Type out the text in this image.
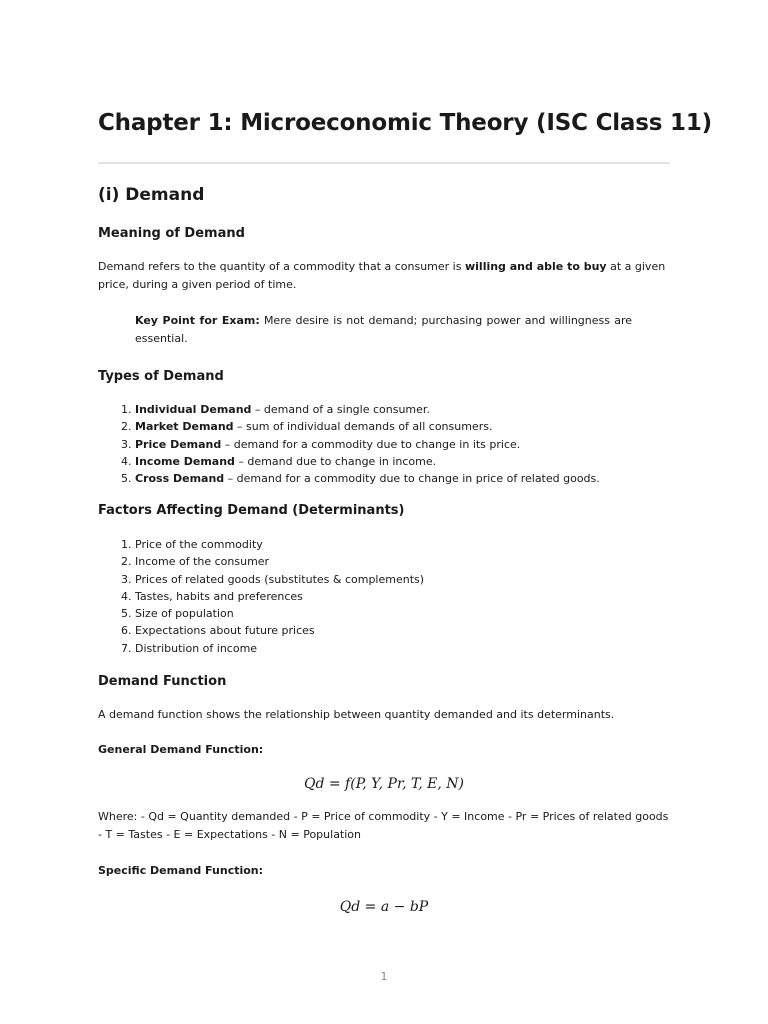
Chapter 1: Microeconomic Theory (ISC Class 11)
(i) Demand
Meaning of Demand

Demand refers to the quantity of a commodity that a consumer is willing and able to buy at a given price, during a given period of time.

Key Point for Exam: Mere desire is not demand; purchasing power and willingness are essential.

Types of Demand
1. Individual Demand – demand of a single consumer.
2. Market Demand – sum of individual demands of all consumers.
3. Price Demand – demand for a commodity due to change in its price.
4. Income Demand – demand due to change in income.
5. Cross Demand – demand for a commodity due to change in price of related goods.
Factors Affecting Demand (Determinants)
1. Price of the commodity
2. Income of the consumer
3. Prices of related goods (substitutes & complements)
4. Tastes, habits and preferences
5. Size of population
6. Expectations about future prices
7. Distribution of income
Demand Function

A demand function shows the relationship between quantity demanded and its determinants.

General Demand Function:

Qd = f(P, Y, Pr, T, E, N)

Where: - Qd = Quantity demanded - P = Price of commodity - Y = Income - Pr = Prices of related goods - T = Tastes - E = Expectations - N = Population

Specific Demand Function:

Qd = a − bP

1
